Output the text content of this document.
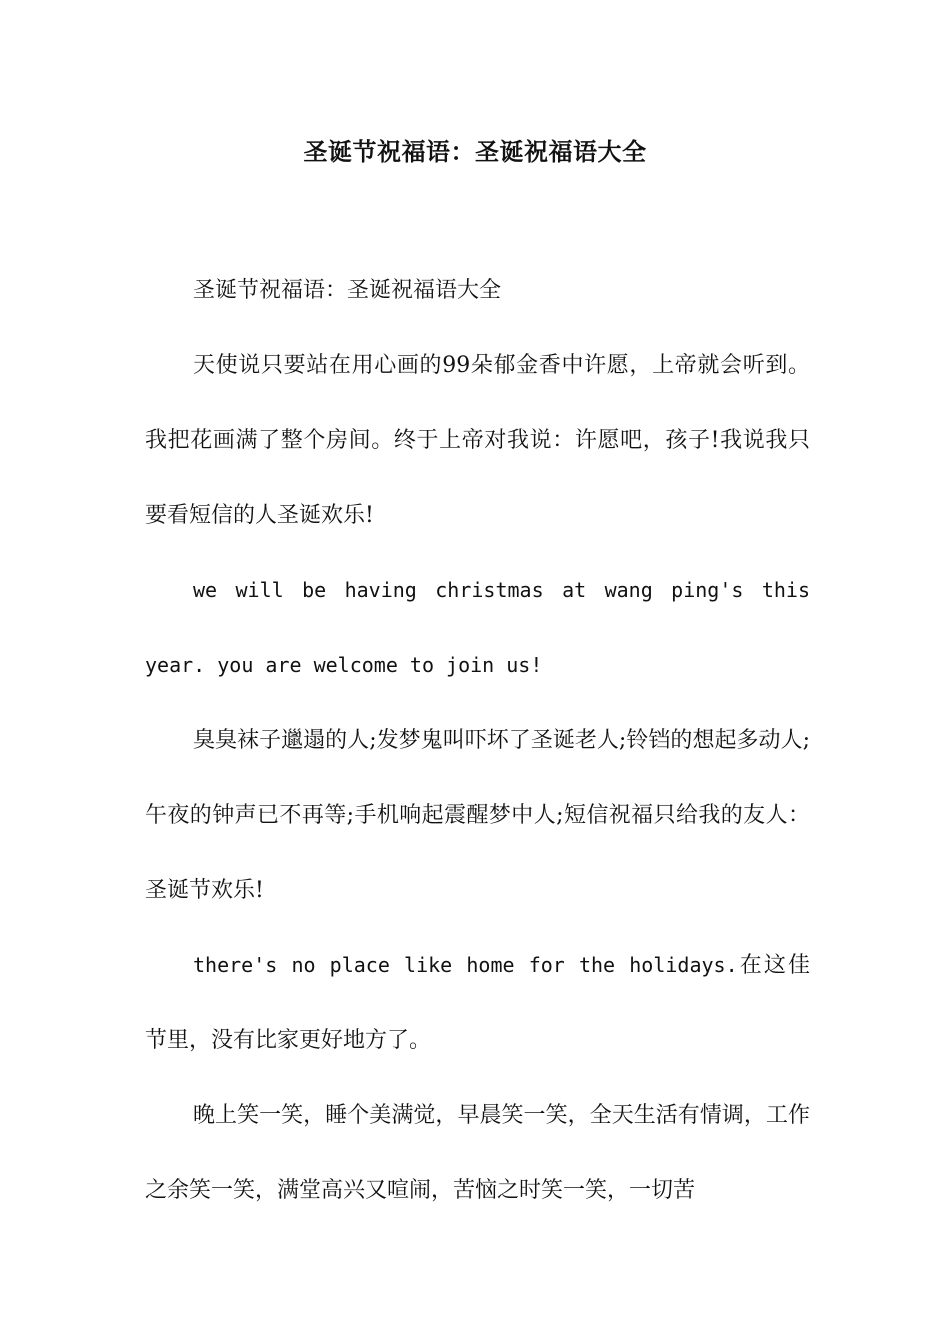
圣诞节祝福语：圣诞祝福语大全

圣诞节祝福语：圣诞祝福语大全

天使说只要站在用心画的99朵郁金香中许愿，上帝就会听到。我把花画满了整个房间。终于上帝对我说：许愿吧，孩子!我说我只要看短信的人圣诞欢乐!

we will be having christmas at wang ping's this year. you are welcome to join us!

臭臭袜子邋遢的人;发梦鬼叫吓坏了圣诞老人;铃铛的想起多动人;午夜的钟声已不再等;手机响起震醒梦中人;短信祝福只给我的友人：圣诞节欢乐!

there's no place like home for the holidays.在这佳节里，没有比家更好地方了。

晚上笑一笑，睡个美满觉，早晨笑一笑，全天生活有情调，工作之余笑一笑，满堂高兴又喧闹，苦恼之时笑一笑，一切苦
